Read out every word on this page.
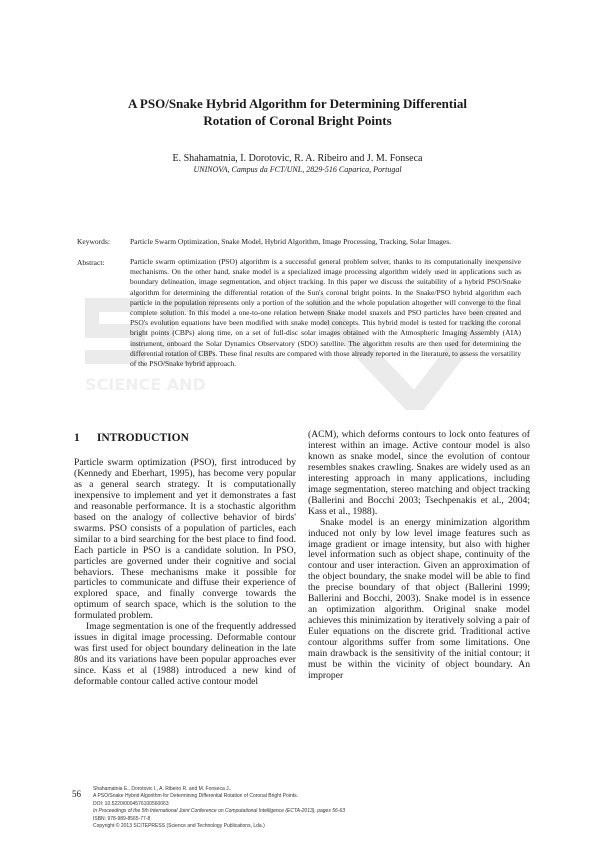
A PSO/Snake Hybrid Algorithm for Determining Differential
Rotation of Coronal Bright Points
E. Shahamatnia, I. Dorotovic, R. A. Ribeiro and J. M. Fonseca
UNINOVA, Campus da FCT/UNL, 2829-516 Caparica, Portugal
Keywords:	Particle Swarm Optimization, Snake Model, Hybrid Algorithm, Image Processing, Tracking, Solar Images.
SCIENCE AND
Abstract:	Particle swarm optimization (PSO) algorithm is a successful general problem solver, thanks to its computationally inexpensive mechanisms. On the other hand, snake model is a specialized image processing algorithm widely used in applications such as boundary delineation, image segmentation, and object tracking. In this paper we discuss the suitability of a hybrid PSO/Snake algorithm for determining the differential rotation of the Sun's coronal bright points. In the Snake/PSO hybrid algorithm each particle in the population represents only a portion of the solution and the whole population altogether will converge to the final complete solution. In this model a one-to-one relation between Snake model snaxels and PSO particles have been created and PSO's evolution equations have been modified with snake model concepts. This hybrid model is tested for tracking the coronal bright points (CBPs) along time, on a set of full-disc solar images obtained with the Atmospheric Imaging Assembly (AIA) instrument, onboard the Solar Dynamics Observatory (SDO) satellite. The algorithm results are then used for determining the differential rotation of CBPs. These final results are compared with those already reported in the literature, to assess the versatility of the PSO/Snake hybrid approach.
1 INTRODUCTION

Particle swarm optimization (PSO), first introduced by (Kennedy and Eberhart, 1995), has become very popular as a general search strategy. It is computationally inexpensive to implement and yet it demonstrates a fast and reasonable performance. It is a stochastic algorithm based on the analogy of collective behavior of birds' swarms. PSO consists of a population of particles, each similar to a bird searching for the best place to find food. Each particle in PSO is a candidate solution. In PSO, particles are governed under their cognitive and social behaviors. These mechanisms make it possible for particles to communicate and diffuse their experience of explored space, and finally converge towards the optimum of search space, which is the solution to the formulated problem.

Image segmentation is one of the frequently addressed issues in digital image processing. Deformable contour was first used for object boundary delineation in the late 80s and its variations have been popular approaches ever since. Kass et al (1988) introduced a new kind of deformable contour called active contour model

(ACM), which deforms contours to lock onto features of interest within an image. Active contour model is also known as snake model, since the evolution of contour resembles snakes crawling. Snakes are widely used as an interesting approach in many applications, including image segmentation, stereo matching and object tracking (Ballerini and Bocchi 2003; Tsechpenakis et al., 2004; Kass et al., 1988).

Snake model is an energy minimization algorithm induced not only by low level image features such as image gradient or image intensity, but also with higher level information such as object shape, continuity of the contour and user interaction. Given an approximation of the object boundary, the snake model will be able to find the precise boundary of that object (Ballerini 1999; Ballerini and Bocchi, 2003). Snake model is in essence an optimization algorithm. Original snake model achieves this minimization by iteratively solving a pair of Euler equations on the discrete grid. Traditional active contour algorithms suffer from some limitations. One main drawback is the sensitivity of the initial contour; it must be within the vicinity of object boundary. An improper

56 Shahamatnia E., Dorotovic I., A. Ribeiro R. and M. Fonseca J..
A PSO/Snake Hybrid Algorithm for Determining Differential Rotation of Coronal Bright Points.
DOI: 10.5220/0004576100560063
In Proceedings of the 5th International Joint Conference on Computational Intelligence (ECTA-2013), pages 56-63
ISBN: 978-989-8565-77-8
Copyright © 2013 SCITEPRESS (Science and Technology Publications, Lda.)
